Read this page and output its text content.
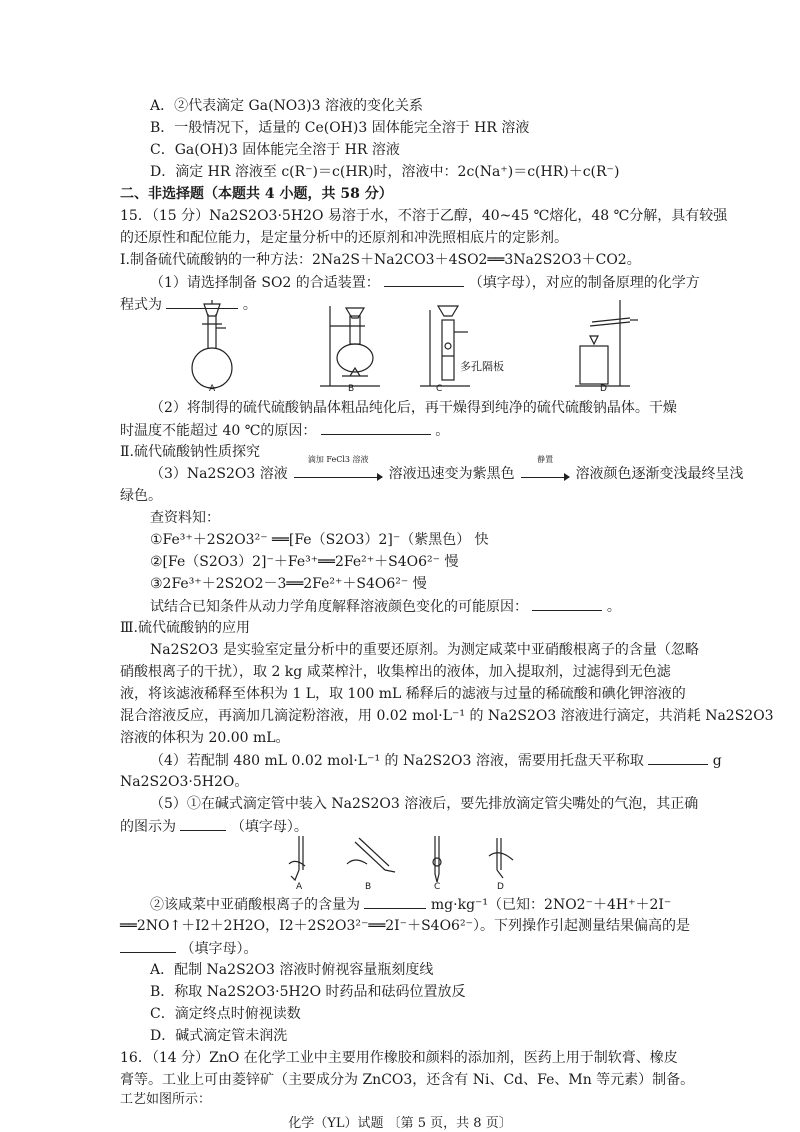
A．②代表滴定 Ga(NO3)3 溶液的变化关系
B．一般情况下，适量的 Ce(OH)3 固体能完全溶于 HR 溶液
C．Ga(OH)3 固体能完全溶于 HR 溶液
D．滴定 HR 溶液至 c(R⁻)＝c(HR)时，溶液中：2c(Na⁺)＝c(HR)＋c(R⁻)
二、非选择题（本题共 4 小题，共 58 分）
15．（15 分）Na2S2O3·5H2O 易溶于水，不溶于乙醇，40~45 ℃熔化，48 ℃分解，具有较强
的还原性和配位能力，是定量分析中的还原剂和冲洗照相底片的定影剂。
Ⅰ.制备硫代硫酸钠的一种方法：2Na2S＋Na2CO3＋4SO2══3Na2S2O3＋CO2。
（1）请选择制备 SO2 的合适装置：	（填字母），对应的制备原理的化学方
程式为	。
A	B	C	D
多孔隔板
（2）将制得的硫代硫酸钠晶体粗品纯化后，再干燥得到纯净的硫代硫酸钠晶体。干燥
时温度不能超过 40 ℃的原因：	。
Ⅱ.硫代硫酸钠性质探究
（3）Na2S2O3 溶液
滴加 FeCl3 溶液
溶液迅速变为紫黑色
静置
溶液颜色逐渐变浅最终呈浅
绿色。
查资料知：
①Fe³⁺＋2S2O3²⁻ ══[Fe（S2O3）2]⁻（紫黑色） 快
②[Fe（S2O3）2]⁻＋Fe³⁺══2Fe²⁺＋S4O6²⁻ 慢
③2Fe³⁺＋2S2O2－3══2Fe²⁺＋S4O6²⁻ 慢
试结合已知条件从动力学角度解释溶液颜色变化的可能原因：	。
Ⅲ.硫代硫酸钠的应用
Na2S2O3 是实验室定量分析中的重要还原剂。为测定咸菜中亚硝酸根离子的含量（忽略
硝酸根离子的干扰），取 2 kg 咸菜榨汁，收集榨出的液体，加入提取剂，过滤得到无色滤
液，将该滤液稀释至体积为 1 L，取 100 mL 稀释后的滤液与过量的稀硫酸和碘化钾溶液的
混合溶液反应，再滴加几滴淀粉溶液，用 0.02 mol·L⁻¹ 的 Na2S2O3 溶液进行滴定，共消耗 Na2S2O3
溶液的体积为 20.00 mL。
（4）若配制 480 mL 0.02 mol·L⁻¹ 的 Na2S2O3 溶液，需要用托盘天平称取	g
Na2S2O3·5H2O。
（5）①在碱式滴定管中装入 Na2S2O3 溶液后，要先排放滴定管尖嘴处的气泡，其正确
的图示为	（填字母）。
A	B	C	D
②该咸菜中亚硝酸根离子的含量为	mg·kg⁻¹（已知：2NO2⁻＋4H⁺＋2I⁻
══2NO↑＋I2＋2H2O，I2＋2S2O3²⁻══2I⁻＋S4O6²⁻）。下列操作引起测量结果偏高的是
（填字母）。
A．配制 Na2S2O3 溶液时俯视容量瓶刻度线
B．称取 Na2S2O3·5H2O 时药品和砝码位置放反
C．滴定终点时俯视读数
D．碱式滴定管未润洗
16．（14 分）ZnO 在化学工业中主要用作橡胶和颜料的添加剂，医药上用于制软膏、橡皮
膏等。工业上可由菱锌矿（主要成分为 ZnCO3，还含有 Ni、Cd、Fe、Mn 等元素）制备。
化学（YL）试题 〔第 5 页，共 8 页〕
工艺如图所示：
